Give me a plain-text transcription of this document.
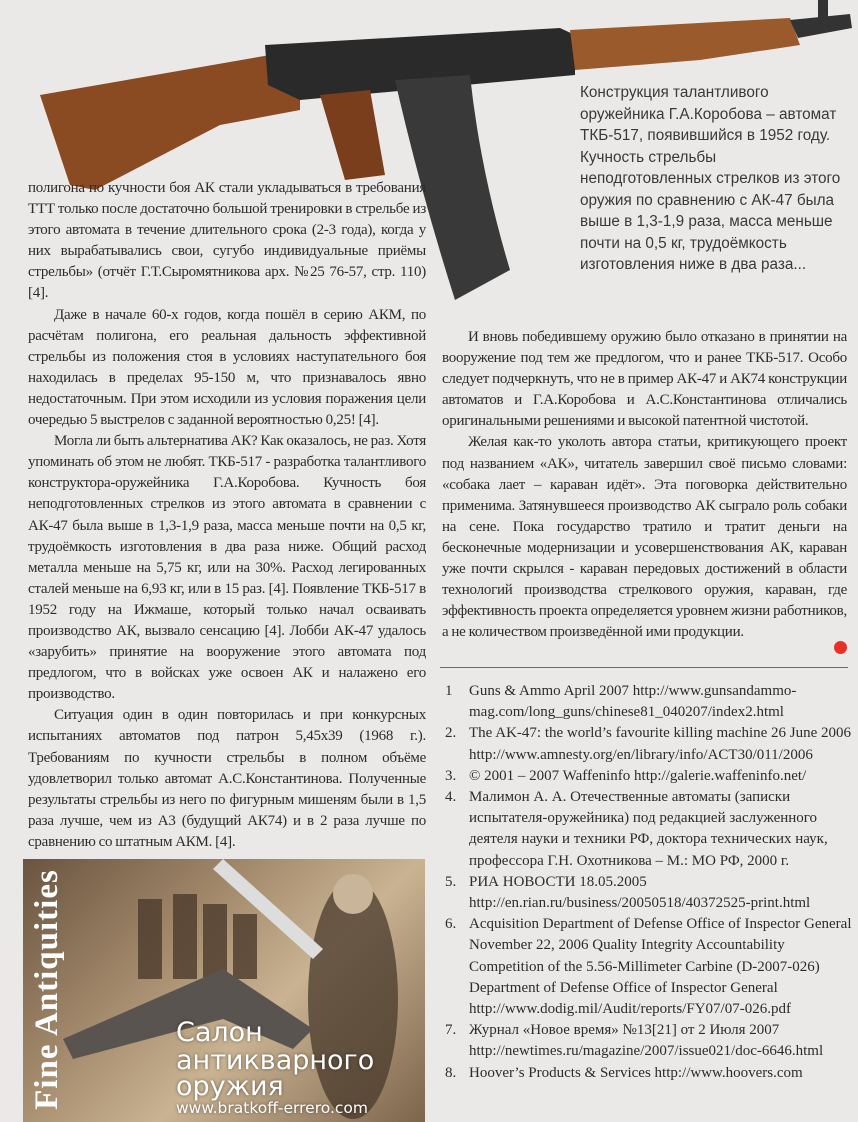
Конструкция талантливого оружейника Г.А.Коробова – автомат ТКБ-517, появившийся в 1952 году. Кучность стрельбы неподготовленных стрелков из этого оружия по сравнению с АК-47 была выше в 1,3-1,9 раза, масса меньше почти на 0,5 кг, трудоёмкость изготовления ниже в два раза...

полигона по кучности боя АК стали укладываться в требования ТТТ только после достаточно большой тренировки в стрельбе из этого автомата в течение длительного срока (2-3 года), когда у них вырабатывались свои, сугубо индивидуальные приёмы стрельбы» (отчёт Г.Т.Сыромятникова арх. №25 76-57, стр. 110) [4].

Даже в начале 60-х годов, когда пошёл в серию АКМ, по расчётам полигона, его реальная дальность эффективной стрельбы из положения стоя в условиях наступательного боя находилась в пределах 95-150 м, что признавалось явно недостаточным. При этом исходили из условия поражения цели очередью 5 выстрелов с заданной вероятностью 0,25! [4].

Могла ли быть альтернатива АК? Как оказалось, не раз. Хотя упоминать об этом не любят. ТКБ-517 - разработка талантливого конструктора-оружейника Г.А.Коробова. Кучность боя неподготовленных стрелков из этого автомата в сравнении с АК-47 была выше в 1,3-1,9 раза, масса меньше почти на 0,5 кг, трудоёмкость изготовления в два раза ниже. Общий расход металла меньше на 5,75 кг, или на 30%. Расход легированных сталей меньше на 6,93 кг, или в 15 раз. [4]. Появление ТКБ-517 в 1952 году на Ижмаше, который только начал осваивать производство АК, вызвало сенсацию [4]. Лобби АК-47 удалось «зарубить» принятие на вооружение этого автомата под предлогом, что в войсках уже освоен АК и налажено его производство.

Ситуация один в один повторилась и при конкурсных испытаниях автоматов под патрон 5,45x39 (1968 г.). Требованиям по кучности стрельбы в полном объёме удовлетворил только автомат А.С.Константинова. Полученные результаты стрельбы из него по фигурным мишеням были в 1,5 раза лучше, чем из А3 (будущий АК74) и в 2 раза лучше по сравнению со штатным АКМ. [4].

И вновь победившему оружию было отказано в принятии на вооружение под тем же предлогом, что и ранее ТКБ-517. Особо следует подчеркнуть, что не в пример АК-47 и АК74 конструкции автоматов и Г.А.Коробова и А.С.Константинова отличались оригинальными решениями и высокой патентной чистотой.

Желая как-то уколоть автора статьи, критикующего проект под названием «АК», читатель завершил своё письмо словами: «собака лает – караван идёт». Эта поговорка действительно применима. Затянувшееся производство АК сыграло роль собаки на сене. Пока государство тратило и тратит деньги на бесконечные модернизации и усовершенствования АК, караван уже почти скрылся - караван передовых достижений в области технологий производства стрелкового оружия, караван, где эффективность проекта определяется уровнем жизни работников, а не количеством произведённой ими продукции.

1	Guns & Ammo April 2007 http://www.gunsandammo-mag.com/long_guns/chinese81_040207/index2.html
2. The AK-47: the world’s favourite killing machine 26 June 2006 http://www.amnesty.org/en/library/info/ACT30/011/2006
3. © 2001 – 2007 Waffeninfo http://galerie.waffeninfo.net/
4. Малимон А. А. Отечественные автоматы (записки испытателя-оружейника) под редакцией заслуженного деятеля науки и техники РФ, доктора технических наук, профессора Г.Н. Охотникова – М.: МО РФ, 2000 г.
5. РИА НОВОСТИ 18.05.2005 http://en.rian.ru/business/20050518/40372525-print.html
6. Acquisition Department of Defense Office of Inspector General November 22, 2006 Quality Integrity Accountability Competition of the 5.56-Millimeter Carbine (D-2007-026) Department of Defense Office of Inspector General http://www.dodig.mil/Audit/reports/FY07/07-026.pdf
7. Журнал «Новое время» №13[21] от 2 Июля 2007 http://newtimes.ru/magazine/2007/issue021/doc-6646.html
8. Hoover’s Products & Services http://www.hoovers.com
Fine Antiquities	Салон
антикварного
оружия
www.bratkoff-errero.com
